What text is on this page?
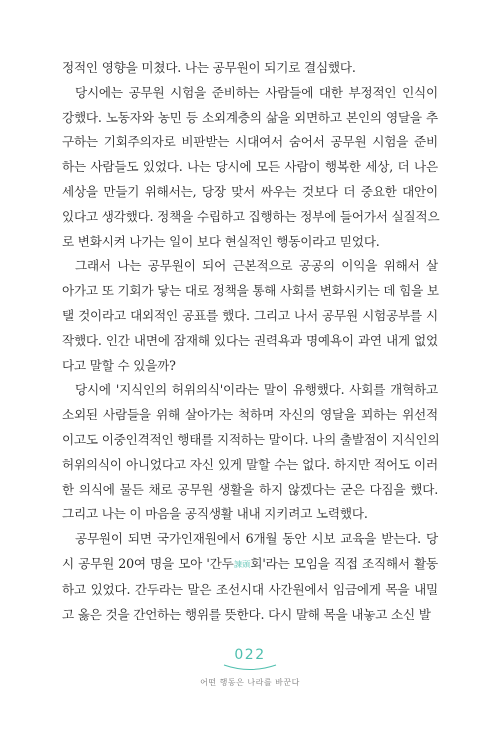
정적인 영향을 미쳤다. 나는 공무원이 되기로 결심했다.

당시에는 공무원 시험을 준비하는 사람들에 대한 부정적인 인식이
강했다. 노동자와 농민 등 소외계층의 삶을 외면하고 본인의 영달을 추
구하는 기회주의자로 비판받는 시대여서 숨어서 공무원 시험을 준비
하는 사람들도 있었다. 나는 당시에 모든 사람이 행복한 세상, 더 나은
세상을 만들기 위해서는, 당장 맞서 싸우는 것보다 더 중요한 대안이
있다고 생각했다. 정책을 수립하고 집행하는 정부에 들어가서 실질적으
로 변화시켜 나가는 일이 보다 현실적인 행동이라고 믿었다.

그래서 나는 공무원이 되어 근본적으로 공공의 이익을 위해서 살
아가고 또 기회가 닿는 대로 정책을 통해 사회를 변화시키는 데 힘을 보
탤 것이라고 대외적인 공표를 했다. 그리고 나서 공무원 시험공부를 시
작했다. 인간 내면에 잠재해 있다는 권력욕과 명예욕이 과연 내게 없었
다고 말할 수 있을까?

당시에 '지식인의 허위의식'이라는 말이 유행했다. 사회를 개혁하고
소외된 사람들을 위해 살아가는 척하며 자신의 영달을 꾀하는 위선적
이고도 이중인격적인 행태를 지적하는 말이다. 나의 출발점이 지식인의
허위의식이 아니었다고 자신 있게 말할 수는 없다. 하지만 적어도 이러
한 의식에 물든 채로 공무원 생활을 하지 않겠다는 굳은 다짐을 했다.
그리고 나는 이 마음을 공직생활 내내 지키려고 노력했다.

공무원이 되면 국가인재원에서 6개월 동안 시보 교육을 받는다. 당
시 공무원 20여 명을 모아 '간두諫頭회'라는 모임을 직접 조직해서 활동
하고 있었다. 간두라는 말은 조선시대 사간원에서 임금에게 목을 내밀
고 옳은 것을 간언하는 행위를 뜻한다. 다시 말해 목을 내놓고 소신 발

022
어떤 행동은 나라를 바꾼다
